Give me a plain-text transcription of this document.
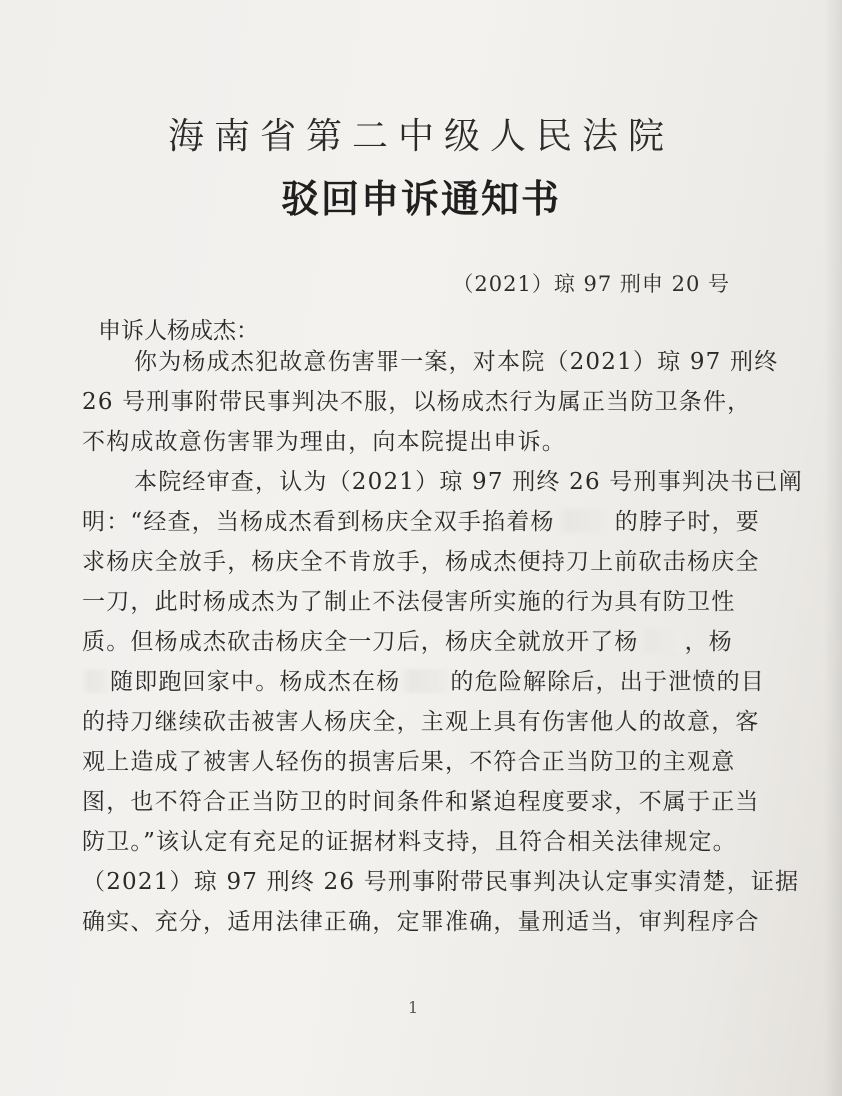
海南省第二中级人民法院
驳回申诉通知书
（2021）琼 97 刑申 20 号
申诉人杨成杰：
你为杨成杰犯故意伤害罪一案，对本院（2021）琼 97 刑终
26 号刑事附带民事判决不服，以杨成杰行为属正当防卫条件，
不构成故意伤害罪为理由，向本院提出申诉。
本院经审查，认为（2021）琼 97 刑终 26 号刑事判决书已阐
明：“经查，当杨成杰看到杨庆全双手掐着杨	的脖子时，要
求杨庆全放手，杨庆全不肯放手，杨成杰便持刀上前砍击杨庆全
一刀，此时杨成杰为了制止不法侵害所实施的行为具有防卫性
质。但杨成杰砍击杨庆全一刀后，杨庆全就放开了杨 ，杨
随即跑回家中。杨成杰在杨 的危险解除后，出于泄愤的目
的持刀继续砍击被害人杨庆全，主观上具有伤害他人的故意，客
观上造成了被害人轻伤的损害后果，不符合正当防卫的主观意
图，也不符合正当防卫的时间条件和紧迫程度要求，不属于正当
防卫。”该认定有充足的证据材料支持，且符合相关法律规定。
（2021）琼 97 刑终 26 号刑事附带民事判决认定事实清楚，证据
确实、充分，适用法律正确，定罪准确，量刑适当，审判程序合
1
